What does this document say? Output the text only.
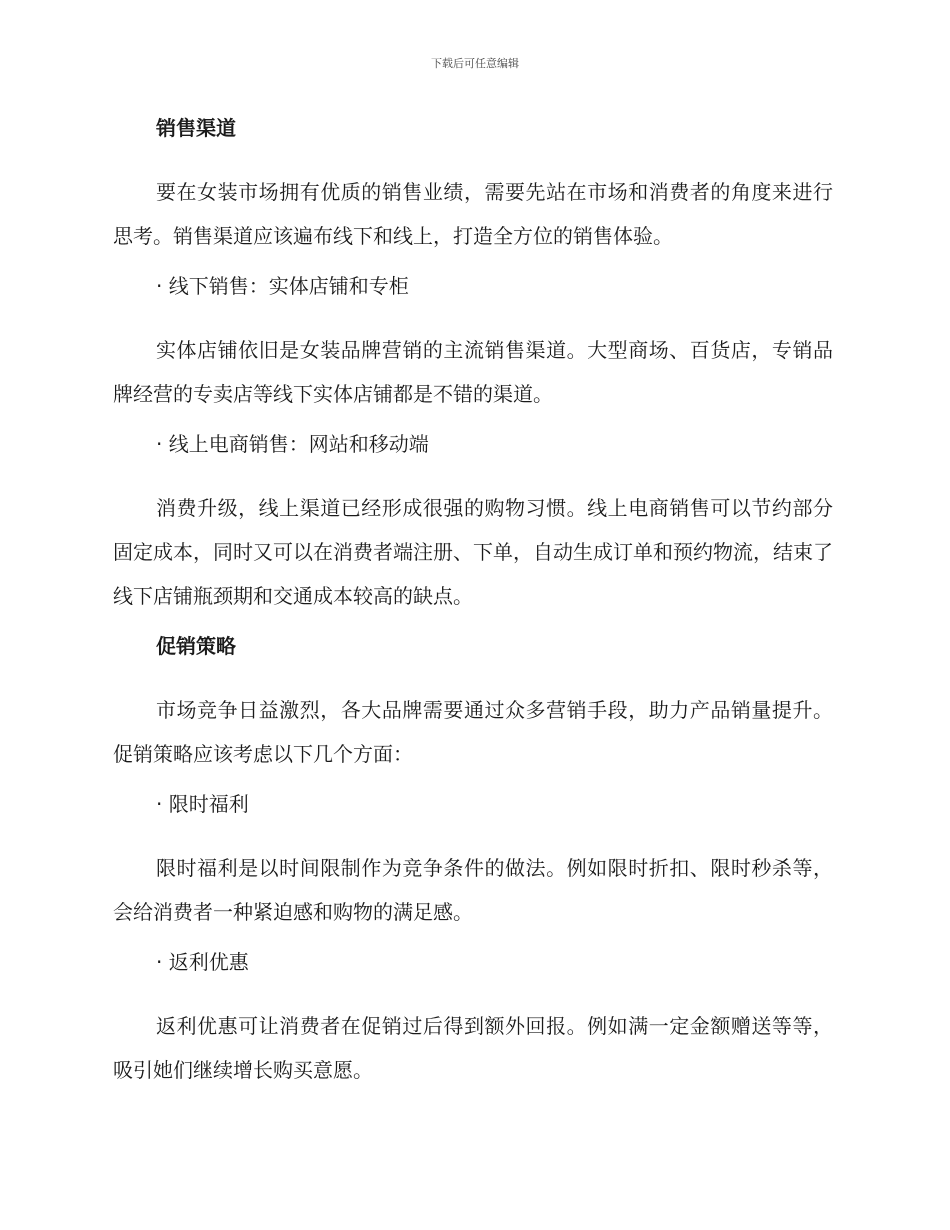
下载后可任意编辑
销售渠道

要在女装市场拥有优质的销售业绩，需要先站在市场和消费者的角度来进行思考。销售渠道应该遍布线下和线上，打造全方位的销售体验。

· 线下销售：实体店铺和专柜

实体店铺依旧是女装品牌营销的主流销售渠道。大型商场、百货店，专销品牌经营的专卖店等线下实体店铺都是不错的渠道。

· 线上电商销售：网站和移动端

消费升级，线上渠道已经形成很强的购物习惯。线上电商销售可以节约部分固定成本，同时又可以在消费者端注册、下单，自动生成订单和预约物流，结束了线下店铺瓶颈期和交通成本较高的缺点。

促销策略

市场竞争日益激烈，各大品牌需要通过众多营销手段，助力产品销量提升。促销策略应该考虑以下几个方面：

· 限时福利

限时福利是以时间限制作为竞争条件的做法。例如限时折扣、限时秒杀等，会给消费者一种紧迫感和购物的满足感。

· 返利优惠

返利优惠可让消费者在促销过后得到额外回报。例如满一定金额赠送等等，吸引她们继续增长购买意愿。
